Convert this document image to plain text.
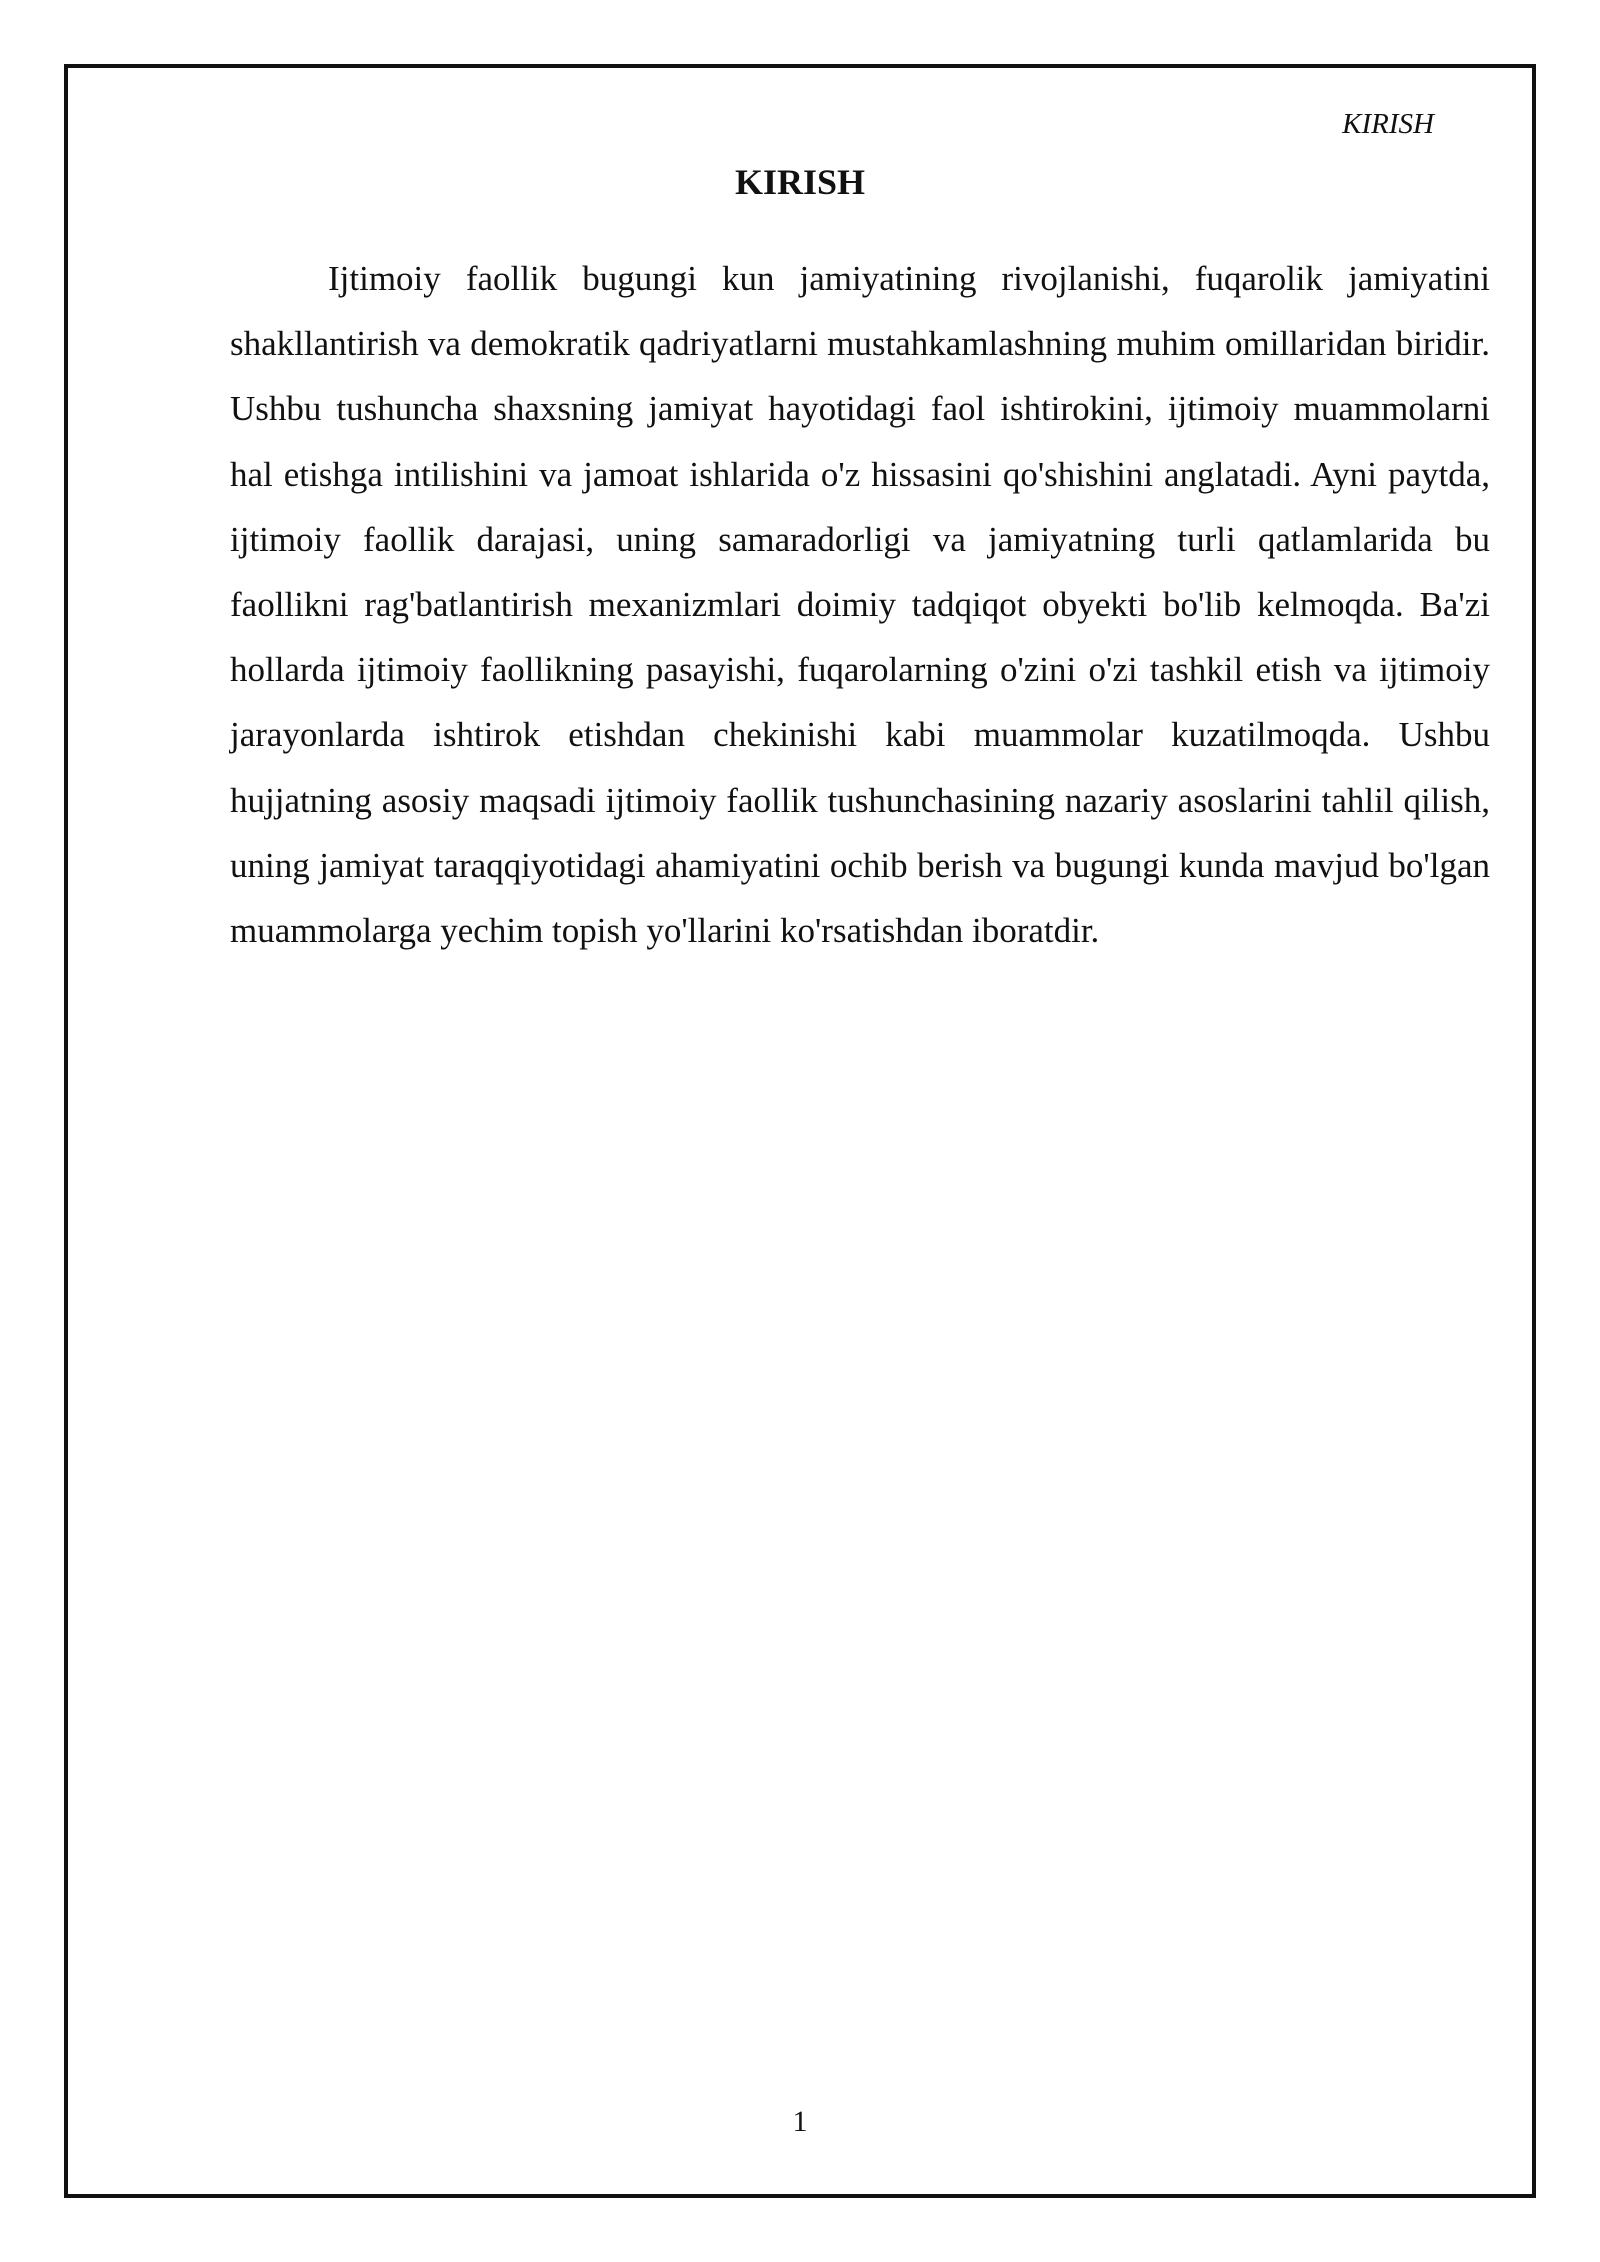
KIRISH
KIRISH

Ijtimoiy faollik bugungi kun jamiyatining rivojlanishi, fuqarolik jamiyatini shakllantirish va demokratik qadriyatlarni mustahkamlashning muhim omillaridan biridir. Ushbu tushuncha shaxsning jamiyat hayotidagi faol ishtirokini, ijtimoiy muammolarni hal etishga intilishini va jamoat ishlarida o'z hissasini qo'shishini anglatadi. Ayni paytda, ijtimoiy faollik darajasi, uning samaradorligi va jamiyatning turli qatlamlarida bu faollikni rag'batlantirish mexanizmlari doimiy tadqiqot obyekti bo'lib kelmoqda. Ba'zi hollarda ijtimoiy faollikning pasayishi, fuqarolarning o'zini o'zi tashkil etish va ijtimoiy jarayonlarda ishtirok etishdan chekinishi kabi muammolar kuzatilmoqda. Ushbu hujjatning asosiy maqsadi ijtimoiy faollik tushunchasining nazariy asoslarini tahlil qilish, uning jamiyat taraqqiyotidagi ahamiyatini ochib berish va bugungi kunda mavjud bo'lgan muammolarga yechim topish yo'llarini ko'rsatishdan iboratdir.

1
